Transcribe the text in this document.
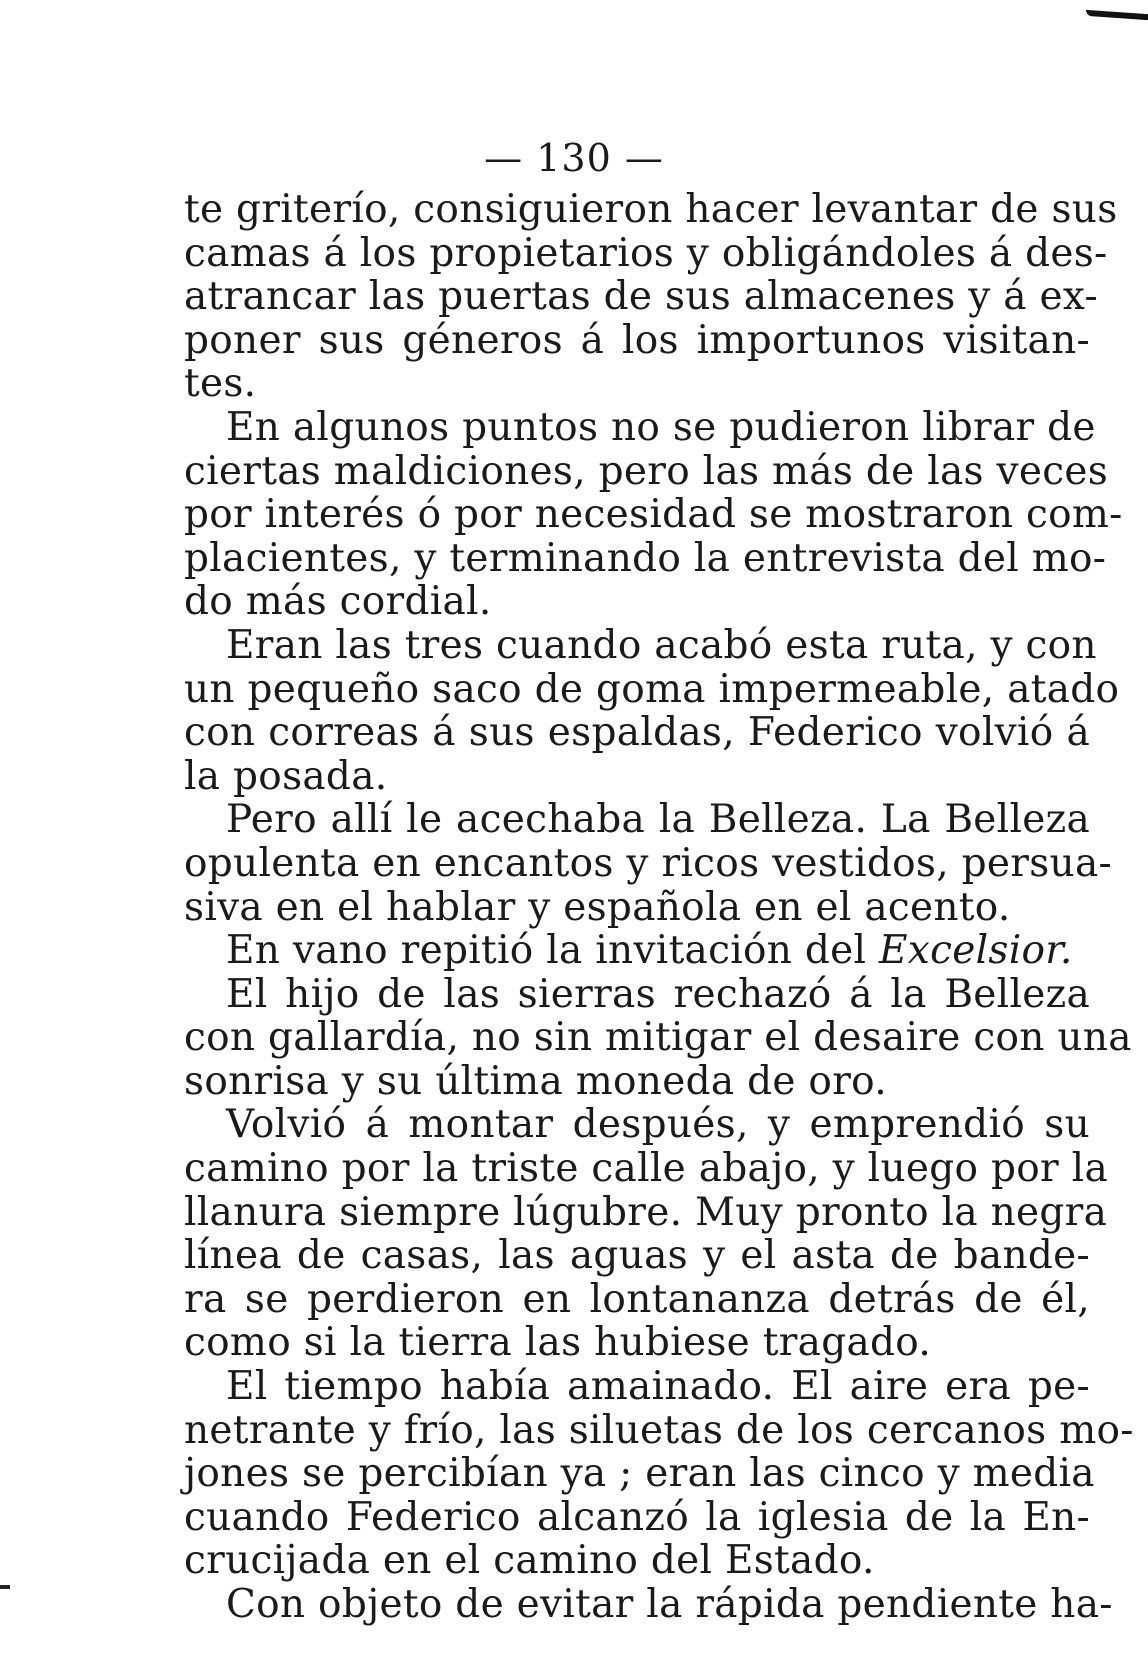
— 130 —
te griterío, consiguieron hacer levantar de sus
camas á los propietarios y obligándoles á des-
atrancar las puertas de sus almacenes y á ex-
poner sus géneros á los importunos visitan-
tes.
En algunos puntos no se pudieron librar de
ciertas maldiciones, pero las más de las veces
por interés ó por necesidad se mostraron com-
placientes, y terminando la entrevista del mo-
do más cordial.
Eran las tres cuando acabó esta ruta, y con
un pequeño saco de goma impermeable, atado
con correas á sus espaldas, Federico volvió á
la posada.
Pero allí le acechaba la Belleza. La Belleza
opulenta en encantos y ricos vestidos, persua-
siva en el hablar y española en el acento.
En vano repitió la invitación del Excelsior.
El hijo de las sierras rechazó á la Belleza
con gallardía, no sin mitigar el desaire con una
sonrisa y su última moneda de oro.
Volvió á montar después, y emprendió su
camino por la triste calle abajo, y luego por la
llanura siempre lúgubre. Muy pronto la negra
línea de casas, las aguas y el asta de bande-
ra se perdieron en lontananza detrás de él,
como si la tierra las hubiese tragado.
El tiempo había amainado. El aire era pe-
netrante y frío, las siluetas de los cercanos mo-
jones se percibían ya ; eran las cinco y media
cuando Federico alcanzó la iglesia de la En-
crucijada en el camino del Estado.
Con objeto de evitar la rápida pendiente ha-
